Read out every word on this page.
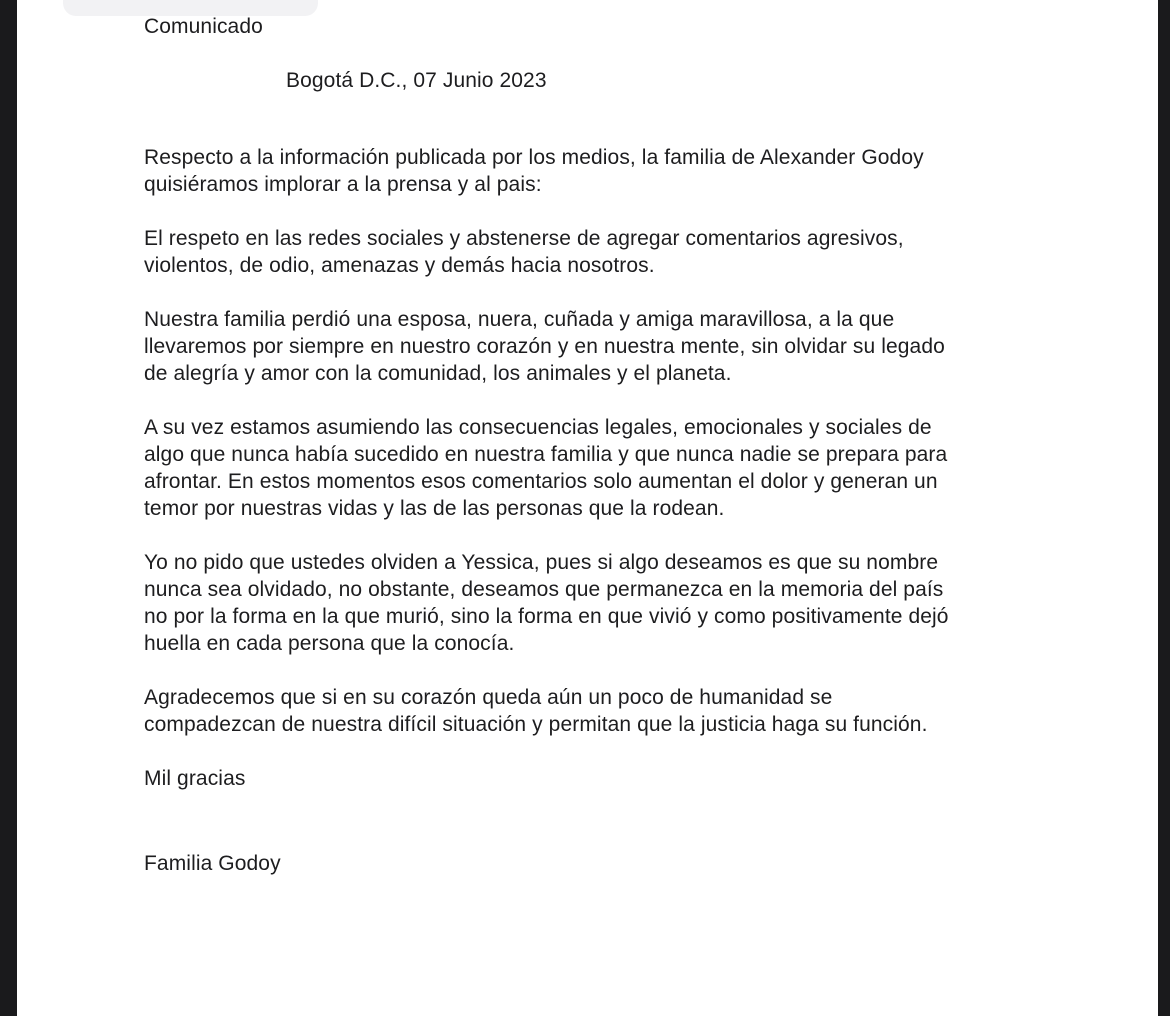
Comunicado
Bogotá D.C., 07 Junio 2023

Respecto a la información publicada por los medios, la familia de Alexander Godoy
quisiéramos implorar a la prensa y al pais:

El respeto en las redes sociales y abstenerse de agregar comentarios agresivos,
violentos, de odio, amenazas y demás hacia nosotros.

Nuestra familia perdió una esposa, nuera, cuñada y amiga maravillosa, a la que
llevaremos por siempre en nuestro corazón y en nuestra mente, sin olvidar su legado
de alegría y amor con la comunidad, los animales y el planeta.

A su vez estamos asumiendo las consecuencias legales, emocionales y sociales de
algo que nunca había sucedido en nuestra familia y que nunca nadie se prepara para
afrontar. En estos momentos esos comentarios solo aumentan el dolor y generan un
temor por nuestras vidas y las de las personas que la rodean.

Yo no pido que ustedes olviden a Yessica, pues si algo deseamos es que su nombre
nunca sea olvidado, no obstante, deseamos que permanezca en la memoria del país
no por la forma en la que murió, sino la forma en que vivió y como positivamente dejó
huella en cada persona que la conocía.

Agradecemos que si en su corazón queda aún un poco de humanidad se
compadezcan de nuestra difícil situación y permitan que la justicia haga su función.

Mil gracias
Familia Godoy
